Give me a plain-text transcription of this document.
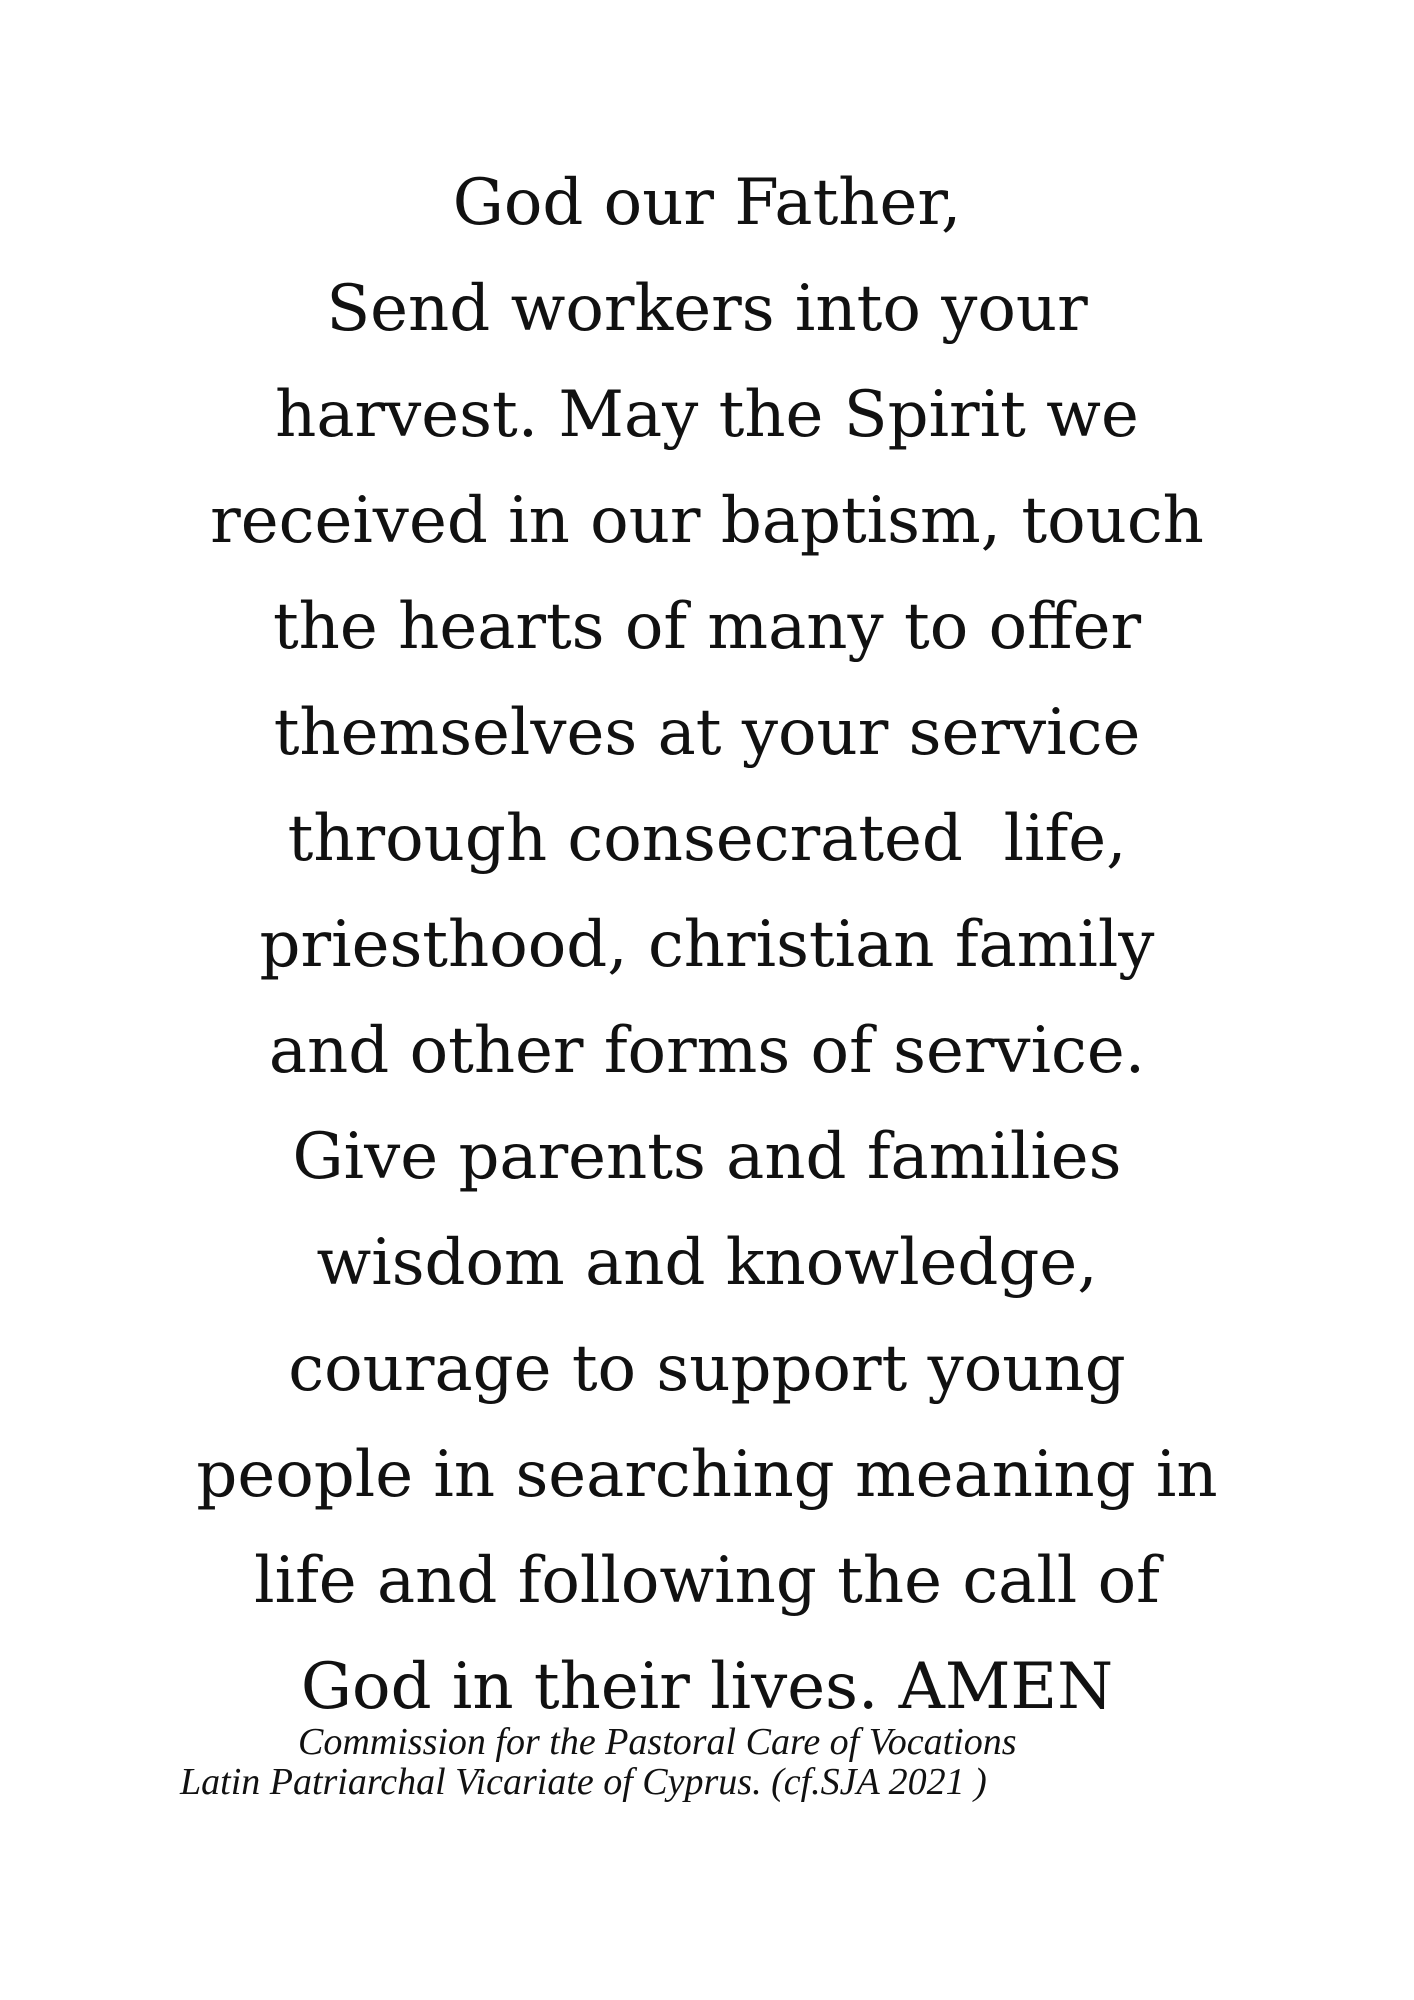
God our Father,
Send workers into your
harvest. May the Spirit we
received in our baptism, touch
the hearts of many to offer
themselves at your service
through consecrated  life,
priesthood, christian family
and other forms of service.
Give parents and families
wisdom and knowledge,
courage to support young
people in searching meaning in
life and following the call of
God in their lives. AMEN
Commission for the Pastoral Care of Vocations
Latin Patriarchal Vicariate of Cyprus. (cf.SJA 2021 )
